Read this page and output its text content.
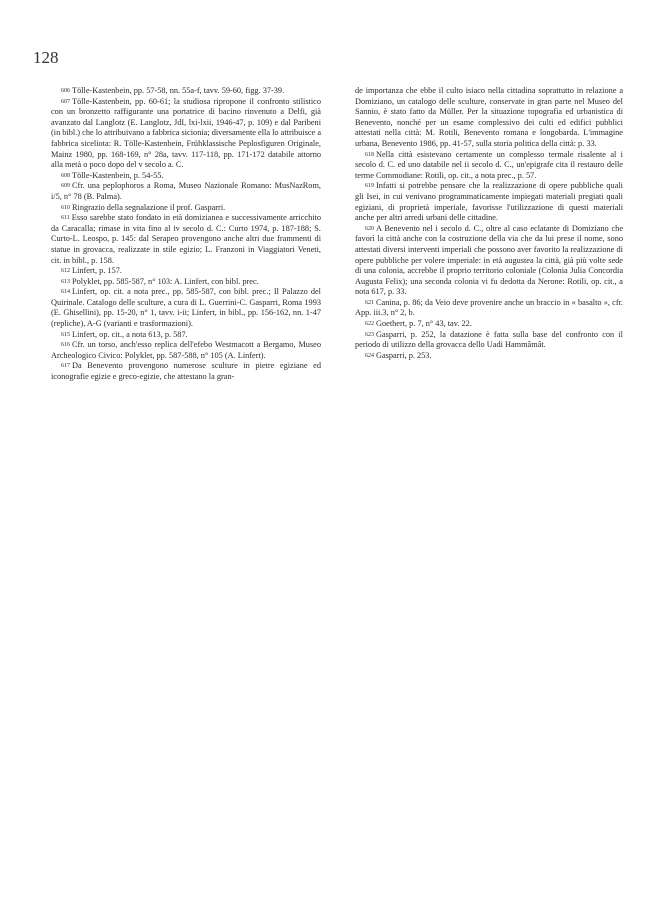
128

606 Tölle-Kastenbein, pp. 57-58, nn. 55a-f, tavv. 59-60, figg. 37-39.

607 Tölle-Kastenbein, pp. 60-61; la studiosa ripropone il confronto stilistico con un bronzetto raffigurante una portatrice di bacino rinvenuto a Delfi, già avanzato dal Langlotz (E. Langlotz, JdI, lxi-lxii, 1946-47, p. 109) e dal Paribeni (in bibl.) che lo attribuivano a fabbrica sicionia; diversamente ella lo attribuisce a fabbrica siceliota: R. Tölle-Kastenbein, Frühklassische Peplosfiguren Originale, Mainz 1980, pp. 168-169, n° 28a, tavv. 117-118, pp. 171-172 databile attorno alla metà o poco dopo del v secolo a. C.

608 Tölle-Kastenbein, p. 54-55.

609 Cfr. una peplophoros a Roma, Museo Nazionale Romano: MusNazRom, i/5, n° 78 (B. Palma).

610 Ringrazio della segnalazione il prof. Gasparri.

611 Esso sarebbe stato fondato in età domizianea e successivamente arricchito da Caracalla; rimase in vita fino al iv secolo d. C.: Curto 1974, p. 187-188; S. Curto-L. Leospo, p. 145: dal Serapeo provengono anche altri due frammenti di statue in grovacca, realizzate in stile egizio; L. Franzoni in Viaggiatori Veneti, cit. in bibl., p. 158.

612 Linfert, p. 157.

613 Polyklet, pp. 585-587, n° 103: A. Linfert, con bibl. prec.

614 Linfert, op. cit. a nota prec., pp. 585-587, con bibl. prec.; Il Palazzo del Quirinale. Catalogo delle sculture, a cura di L. Guerrini-C. Gasparri, Roma 1993 (E. Ghisellini), pp. 15-20, n° 1, tavv. i-ii; Linfert, in bibl., pp. 156-162, nn. 1-47 (repliche), A-G (varianti e trasformazioni).

615 Linfert, op. cit., a nota 613, p. 587.

616 Cfr. un torso, anch'esso replica dell'efebo Westmacott a Bergamo, Museo Archeologico Civico: Polyklet, pp. 587-588, n° 105 (A. Linfert).

617 Da Benevento provengono numerose sculture in pietre egiziane ed iconografie egizie e greco-egizie, che attestano la gran-

de importanza che ebbe il culto isiaco nella cittadina soprattutto in relazione a Domiziano, un catalogo delle sculture, conservate in gran parte nel Museo del Sannio, è stato fatto da Müller. Per la situazione topografia ed urbanistica di Benevento, nonché per un esame complessivo dei culti ed edifici pubblici attestati nella città: M. Rotili, Benevento romana e longobarda. L'immagine urbana, Benevento 1986, pp. 41-57, sulla storia politica della città: p. 33.

618 Nella città esistevano certamente un complesso termale risalente al i secolo d. C. ed uno databile nel ii secolo d. C., un'epigrafe cita il restauro delle terme Commodiane: Rotili, op. cit., a nota prec., p. 57.

619 Infatti si potrebbe pensare che la realizzazione di opere pubbliche quali gli Isei, in cui venivano programmaticamente impiegati materiali pregiati quali egiziani, di proprietà imperiale, favorisse l'utilizzazione di questi materiali anche per altri arredi urbani delle cittadine.

620 A Benevento nel i secolo d. C., oltre al caso eclatante di Domiziano che favorì la città anche con la costruzione della via che da lui prese il nome, sono attestati diversi interventi imperiali che possono aver favorito la realizzazione di opere pubbliche per volere imperiale: in età augustea la città, già più volte sede di una colonia, accrebbe il proprio territorio coloniale (Colonia Julia Concordia Augusta Felix); una seconda colonia vi fu dedotta da Nerone: Rotili, op. cit., a nota 617, p. 33.

621 Canina, p. 86; da Veio deve provenire anche un braccio in « basalto », cfr. App. iii.3, n° 2, b.

622 Goethert, p. 7, n° 43, tav. 22.

623 Gasparri, p. 252, la datazione è fatta sulla base del confronto con il periodo di utilizzo della grovacca dello Uadi Hammâmât.

624 Gasparri, p. 253.
